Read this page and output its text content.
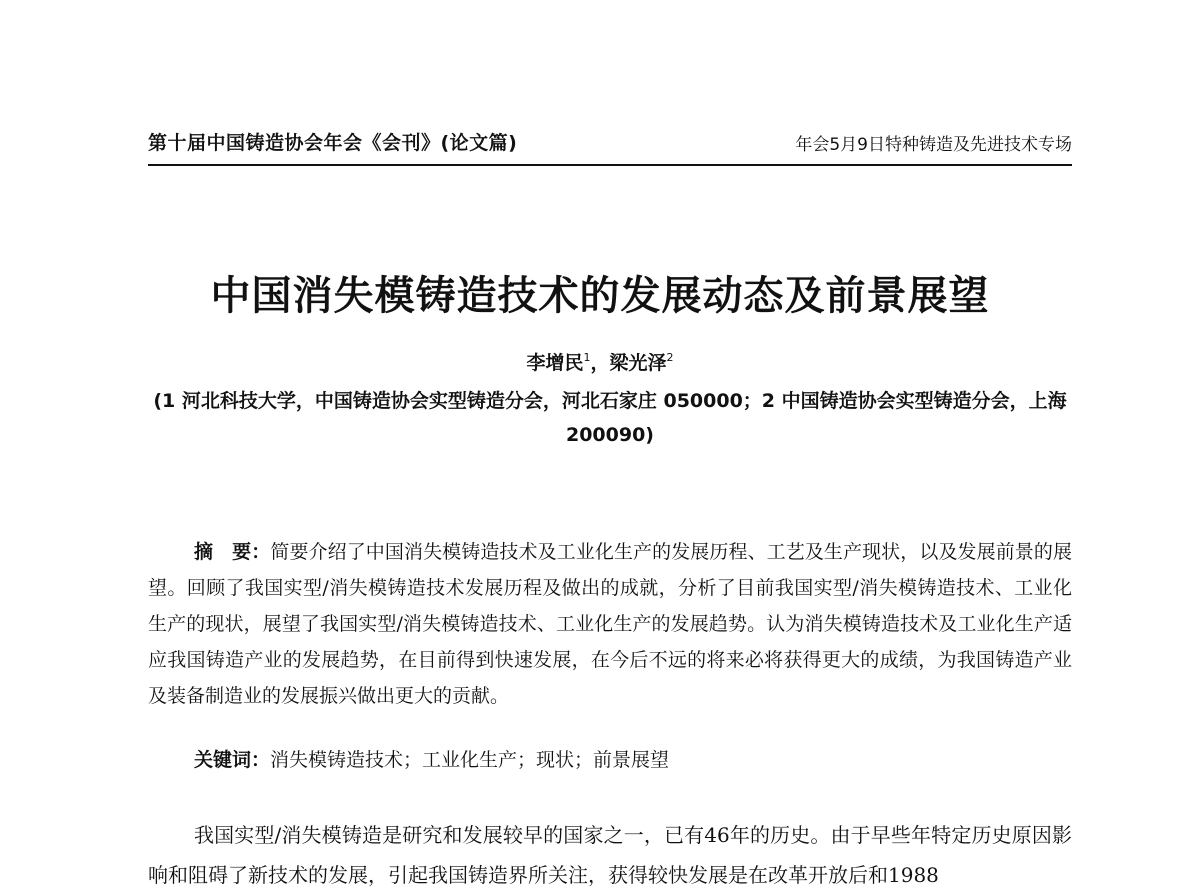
第十届中国铸造协会年会《会刊》(论文篇)	年会5月9日特种铸造及先进技术专场
中国消失模铸造技术的发展动态及前景展望
李增民$^1$，梁光泽$^2$
(1 河北科技大学，中国铸造协会实型铸造分会，河北石家庄 050000；2 中国铸造协会实型铸造分会，上海 200090)

摘　要：简要介绍了中国消失模铸造技术及工业化生产的发展历程、工艺及生产现状，以及发展前景的展望。回顾了我国实型/消失模铸造技术发展历程及做出的成就，分析了目前我国实型/消失模铸造技术、工业化生产的现状，展望了我国实型/消失模铸造技术、工业化生产的发展趋势。认为消失模铸造技术及工业化生产适应我国铸造产业的发展趋势，在目前得到快速发展，在今后不远的将来必将获得更大的成绩，为我国铸造产业及装备制造业的发展振兴做出更大的贡献。

关键词：消失模铸造技术；工业化生产；现状；前景展望

我国实型/消失模铸造是研究和发展较早的国家之一，已有46年的历史。由于早些年特定历史原因影响和阻碍了新技术的发展，引起我国铸造界所关注，获得较快发展是在改革开放后和1988
